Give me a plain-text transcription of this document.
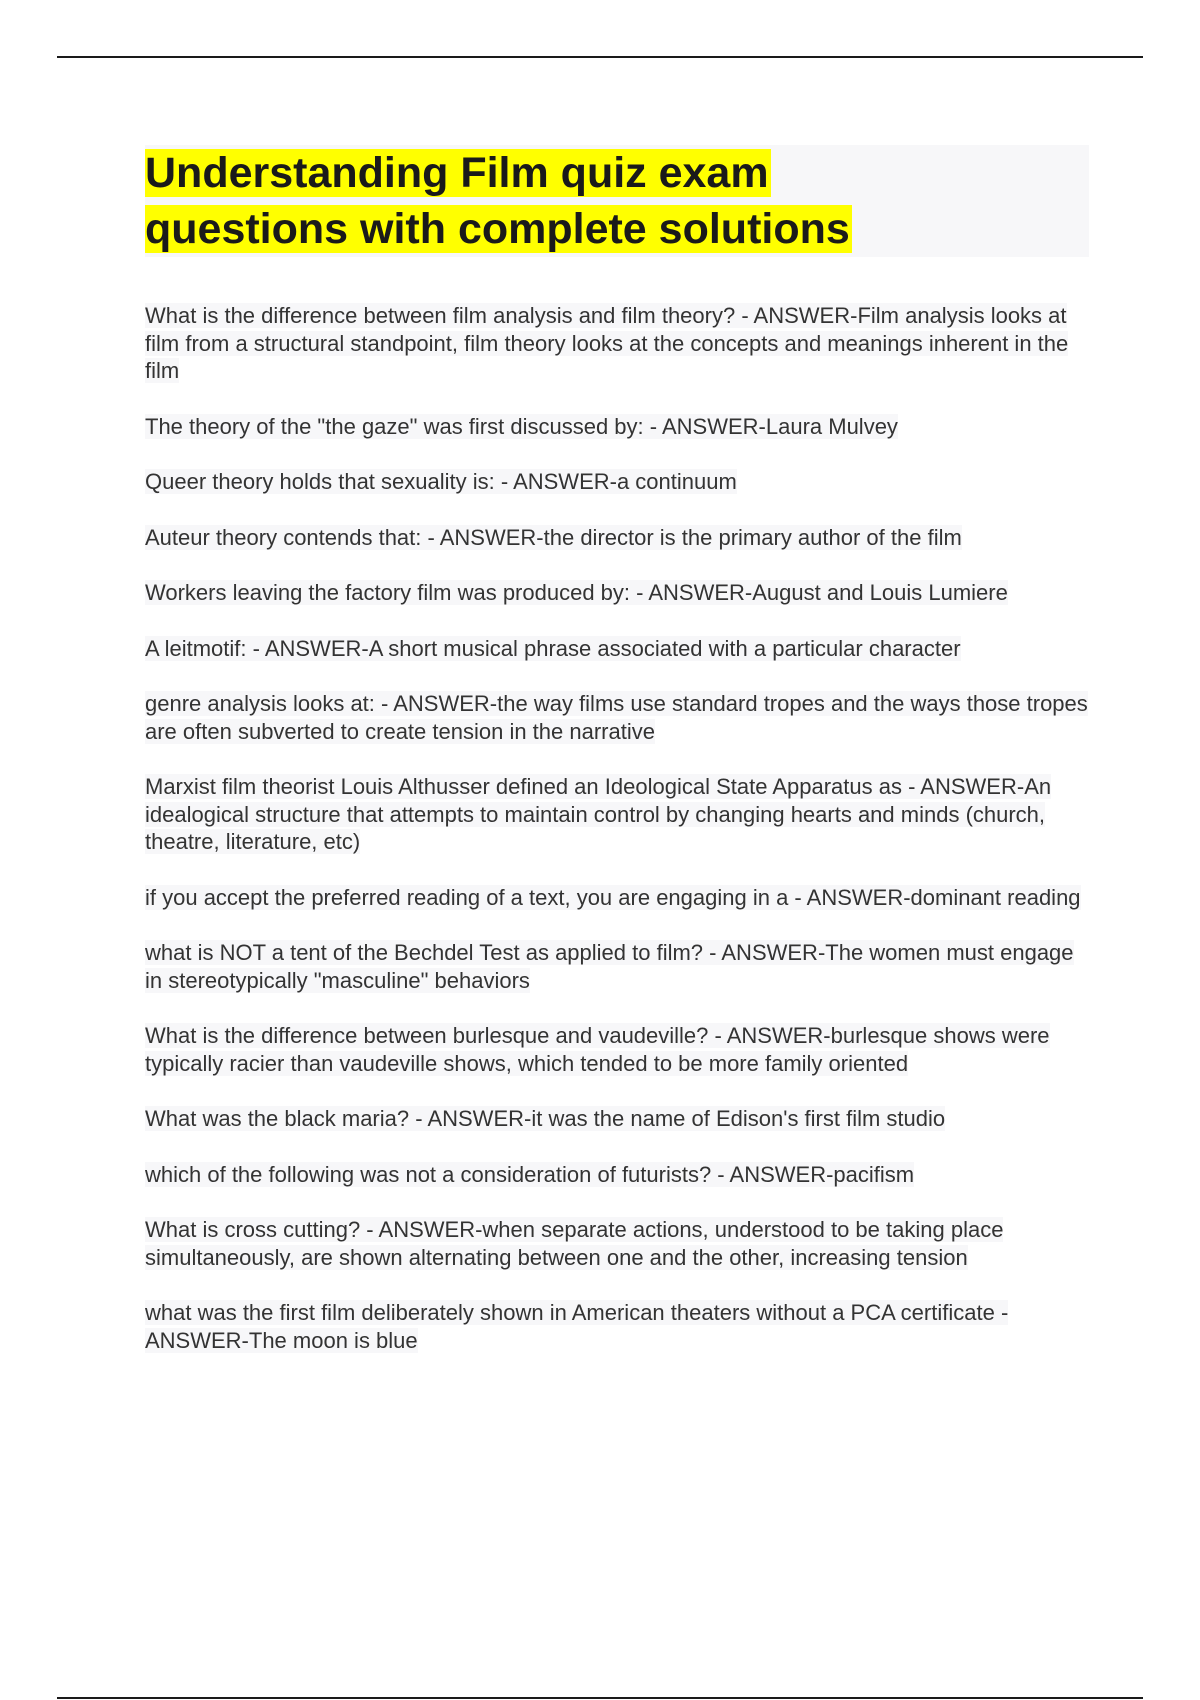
Understanding Film quiz exam questions with complete solutions
What is the difference between film analysis and film theory? - ANSWER-Film analysis looks at film from a structural standpoint, film theory looks at the concepts and meanings inherent in the film
The theory of the "the gaze" was first discussed by: - ANSWER-Laura Mulvey
Queer theory holds that sexuality is: - ANSWER-a continuum
Auteur theory contends that: - ANSWER-the director is the primary author of the film
Workers leaving the factory film was produced by: - ANSWER-August and Louis Lumiere
A leitmotif: - ANSWER-A short musical phrase associated with a particular character
genre analysis looks at: - ANSWER-the way films use standard tropes and the ways those tropes are often subverted to create tension in the narrative
Marxist film theorist Louis Althusser defined an Ideological State Apparatus as - ANSWER-An idealogical structure that attempts to maintain control by changing hearts and minds (church, theatre, literature, etc)
if you accept the preferred reading of a text, you are engaging in a - ANSWER-dominant reading
what is NOT a tent of the Bechdel Test as applied to film? - ANSWER-The women must engage in stereotypically "masculine" behaviors
What is the difference between burlesque and vaudeville? - ANSWER-burlesque shows were typically racier than vaudeville shows, which tended to be more family oriented
What was the black maria? - ANSWER-it was the name of Edison's first film studio
which of the following was not a consideration of futurists? - ANSWER-pacifism
What is cross cutting? - ANSWER-when separate actions, understood to be taking place simultaneously, are shown alternating between one and the other, increasing tension
what was the first film deliberately shown in American theaters without a PCA certificate - ANSWER-The moon is blue
